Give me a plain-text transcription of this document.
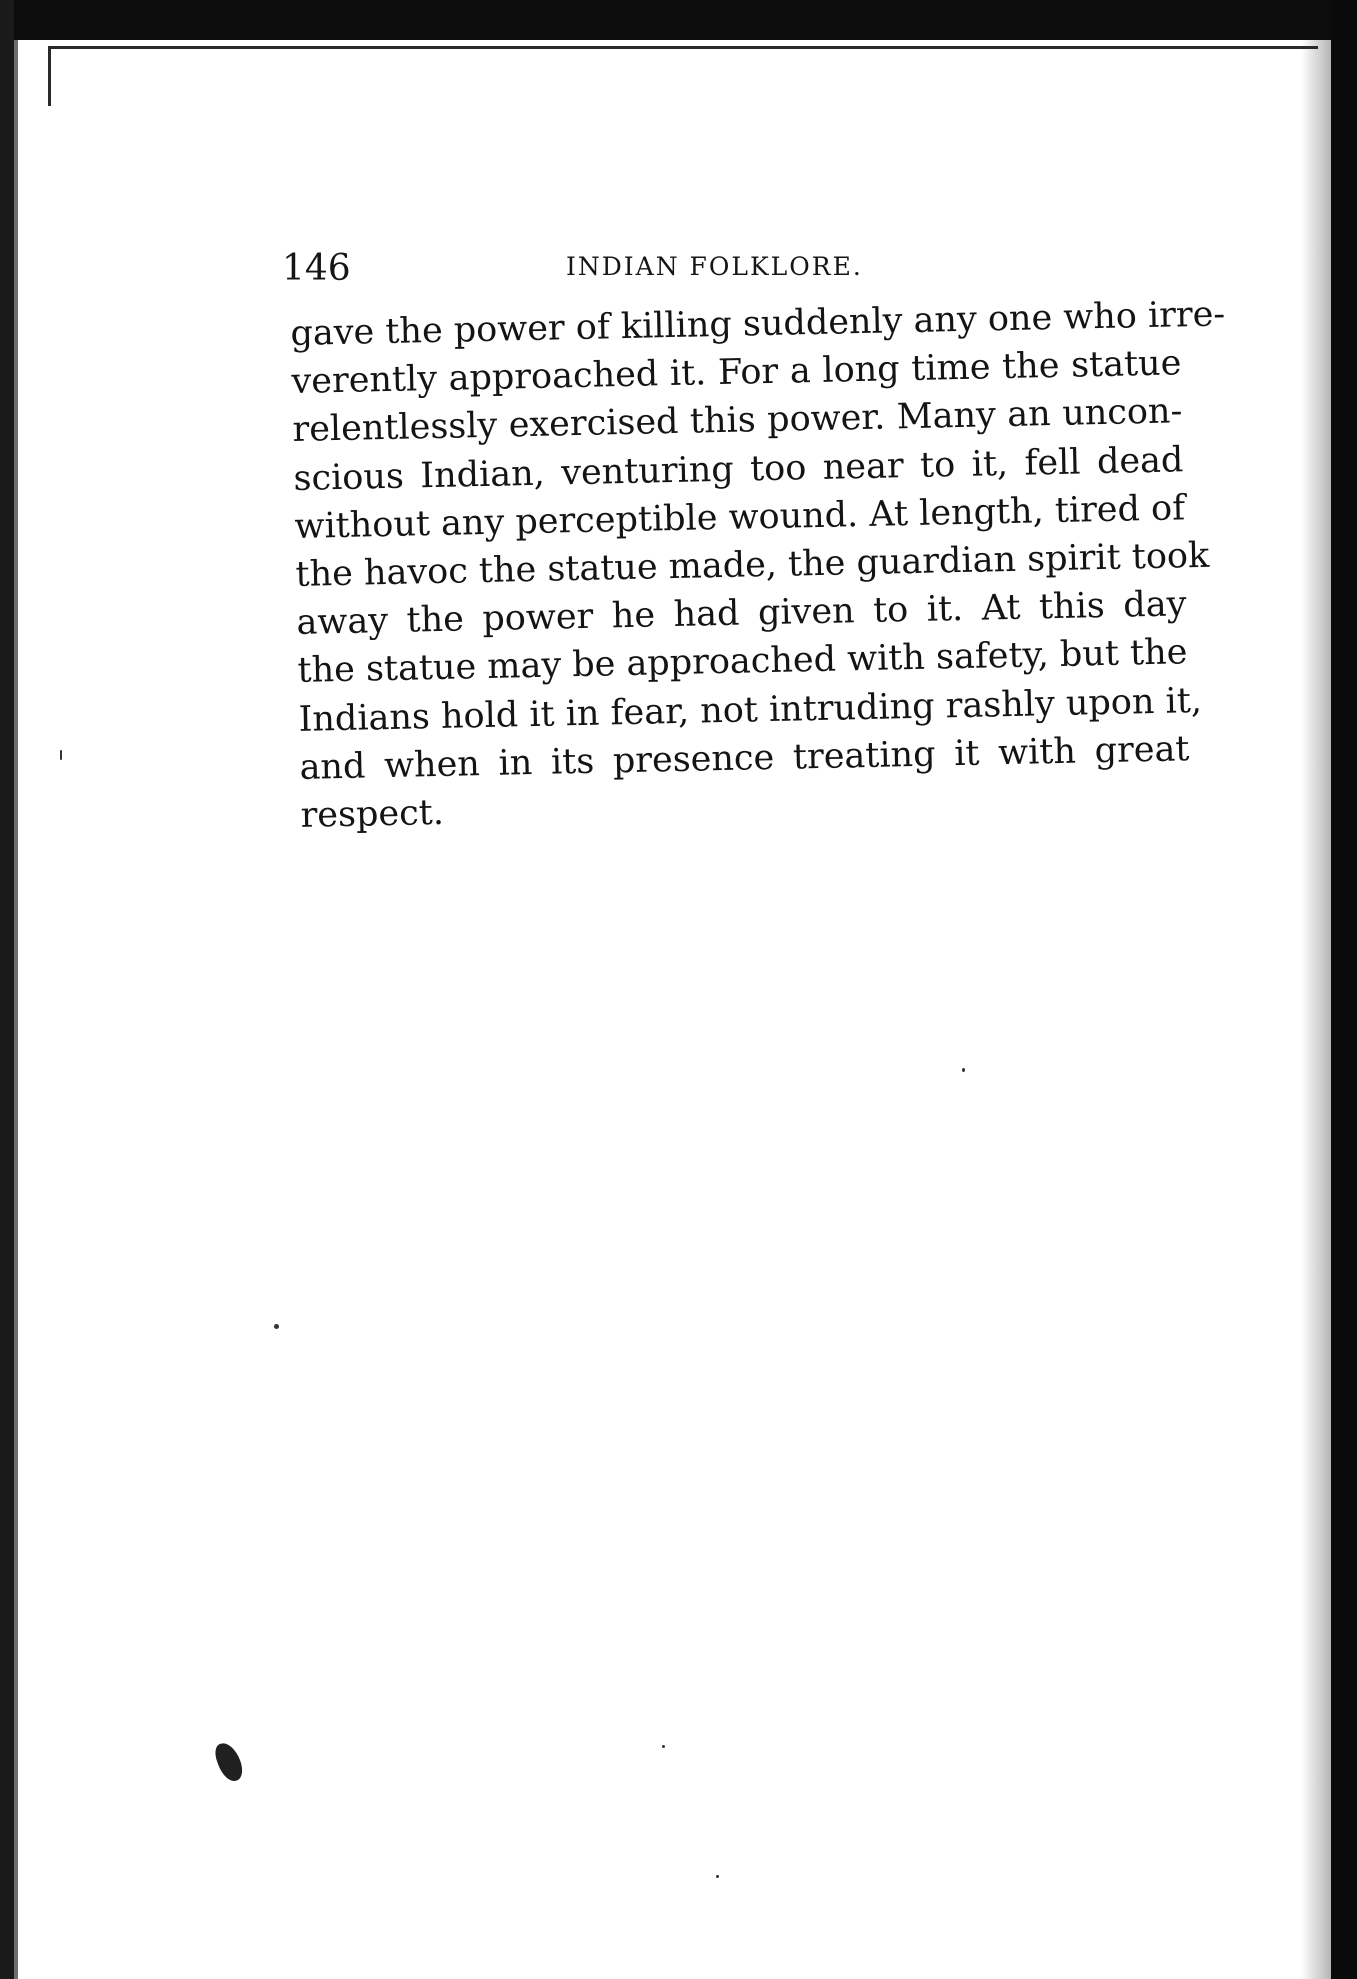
146	INDIAN FOLKLORE.
gave the power of killing suddenly any one who irre-
verently approached it. For a long time the statue
relentlessly exercised this power. Many an uncon-
scious Indian, venturing too near to it, fell dead
without any perceptible wound. At length, tired of
the havoc the statue made, the guardian spirit took
away the power he had given to it. At this day
the statue may be approached with safety, but the
Indians hold it in fear, not intruding rashly upon it,
and when in its presence treating it with great
respect.
